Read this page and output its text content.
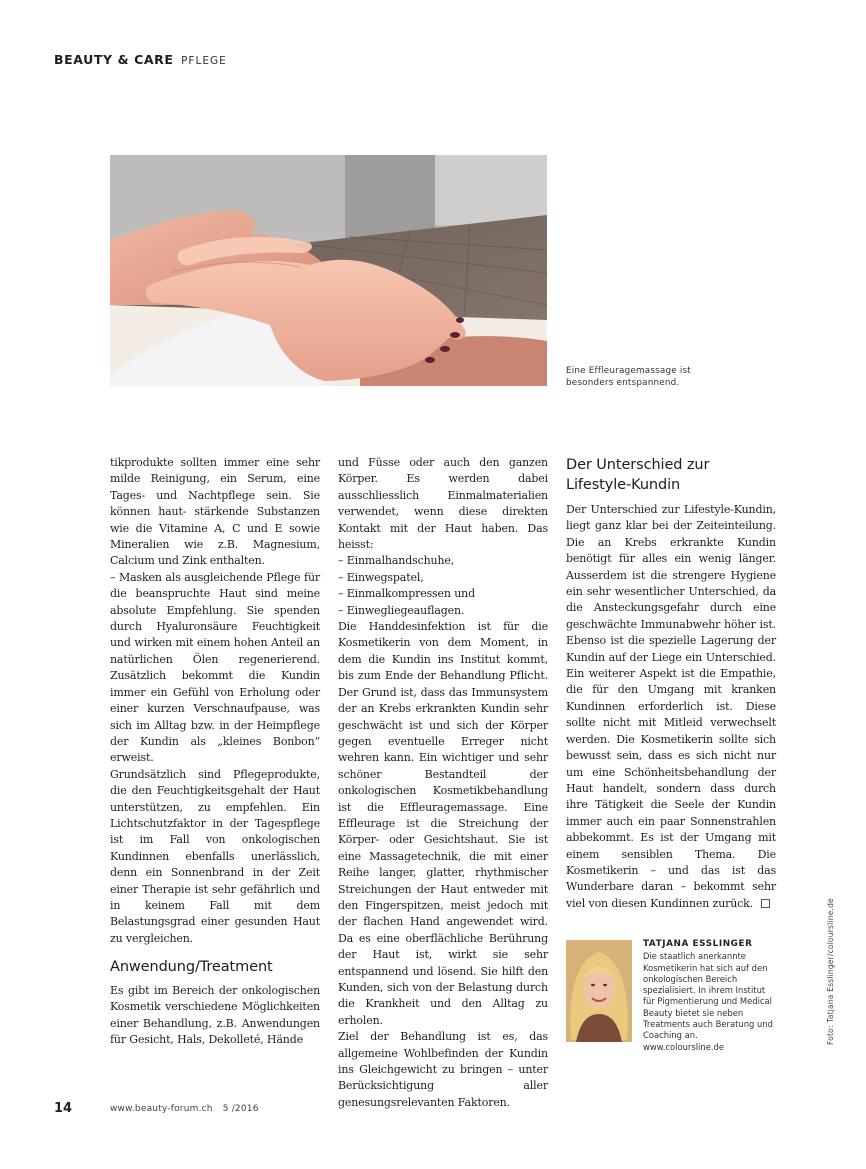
BEAUTY & CARE PFLEGE
Eine Effleuragemassage ist besonders entspannend.

tikprodukte sollten immer eine sehr milde Reinigung, ein Serum, eine Tages- und Nachtpflege sein. Sie können haut- stärkende Substanzen wie die Vitamine A, C und E sowie Mineralien wie z.B. Magnesium, Calcium und Zink enthalten.

– Masken als ausgleichende Pflege für die beanspruchte Haut sind meine absolute Empfehlung. Sie spenden durch Hyaluronsäure Feuchtigkeit und wirken mit einem hohen Anteil an natürlichen Ölen regenerierend. Zusätzlich bekommt die Kundin immer ein Gefühl von Erholung oder einer kurzen Verschnaufpause, was sich im Alltag bzw. in der Heimpflege der Kundin als „kleines Bonbon“ erweist.

Grundsätzlich sind Pflegeprodukte, die den Feuchtigkeitsgehalt der Haut unterstützen, zu empfehlen. Ein Lichtschutzfaktor in der Tagespflege ist im Fall von onkologischen Kundinnen ebenfalls unerlässlich, denn ein Sonnenbrand in der Zeit einer Therapie ist sehr gefährlich und in keinem Fall mit dem Belastungsgrad einer gesunden Haut zu vergleichen.

Anwendung/Treatment

Es gibt im Bereich der onkologischen Kosmetik verschiedene Möglichkeiten einer Behandlung, z.B. Anwendungen für Gesicht, Hals, Dekolleté, Hände

und Füsse oder auch den ganzen Körper. Es werden dabei ausschliesslich Einmalmaterialien verwendet, wenn diese direkten Kontakt mit der Haut haben. Das heisst:

– Einmalhandschuhe,

– Einwegspatel,

– Einmalkompressen und

– Einwegliegeauflagen.

Die Handdesinfektion ist für die Kosmetikerin von dem Moment, in dem die Kundin ins Institut kommt, bis zum Ende der Behandlung Pflicht. Der Grund ist, dass das Immunsystem der an Krebs erkrankten Kundin sehr geschwächt ist und sich der Körper gegen eventuelle Erreger nicht wehren kann. Ein wichtiger und sehr schöner Bestandteil der onkologischen Kosmetikbehandlung ist die Effleuragemassage. Eine Effleurage ist die Streichung der Körper- oder Gesichtshaut. Sie ist eine Massagetechnik, die mit einer Reihe langer, glatter, rhythmischer Streichungen der Haut entweder mit den Fingerspitzen, meist jedoch mit der flachen Hand angewendet wird. Da es eine oberflächliche Berührung der Haut ist, wirkt sie sehr entspannend und lösend. Sie hilft den Kunden, sich von der Belastung durch die Krankheit und den Alltag zu erholen.

Ziel der Behandlung ist es, das allgemeine Wohlbefinden der Kundin ins Gleichgewicht zu bringen – unter Berücksichtigung aller genesungsrelevanten Faktoren.

Der Unterschied zur Lifestyle-Kundin

Der Unterschied zur Lifestyle-Kundin, liegt ganz klar bei der Zeiteinteilung. Die an Krebs erkrankte Kundin benötigt für alles ein wenig länger. Ausserdem ist die strengere Hygiene ein sehr wesentlicher Unterschied, da die Ansteckungsgefahr durch eine geschwächte Immunabwehr höher ist. Ebenso ist die spezielle Lagerung der Kundin auf der Liege ein Unterschied. Ein weiterer Aspekt ist die Empathie, die für den Umgang mit kranken Kundinnen erforderlich ist. Diese sollte nicht mit Mitleid verwechselt werden. Die Kosmetikerin sollte sich bewusst sein, dass es sich nicht nur um eine Schönheitsbehandlung der Haut handelt, sondern dass durch ihre Tätigkeit die Seele der Kundin immer auch ein paar Sonnenstrahlen abbekommt. Es ist der Umgang mit einem sensiblen Thema. Die Kosmetikerin – und das ist das Wunderbare daran – bekommt sehr viel von diesen Kundinnen zurück.

TATJANA ESSLINGER
Die staatlich anerkannte Kosmetikerin hat sich auf den onkologischen Bereich spezialisiert. In ihrem Institut für Pigmentierung und Medical Beauty bietet sie neben Treatments auch Beratung und Coaching an. www.coloursline.de
Foto: Tatjana Esslinger/coloursline.de
14	www.beauty-forum.ch 5 /2016
